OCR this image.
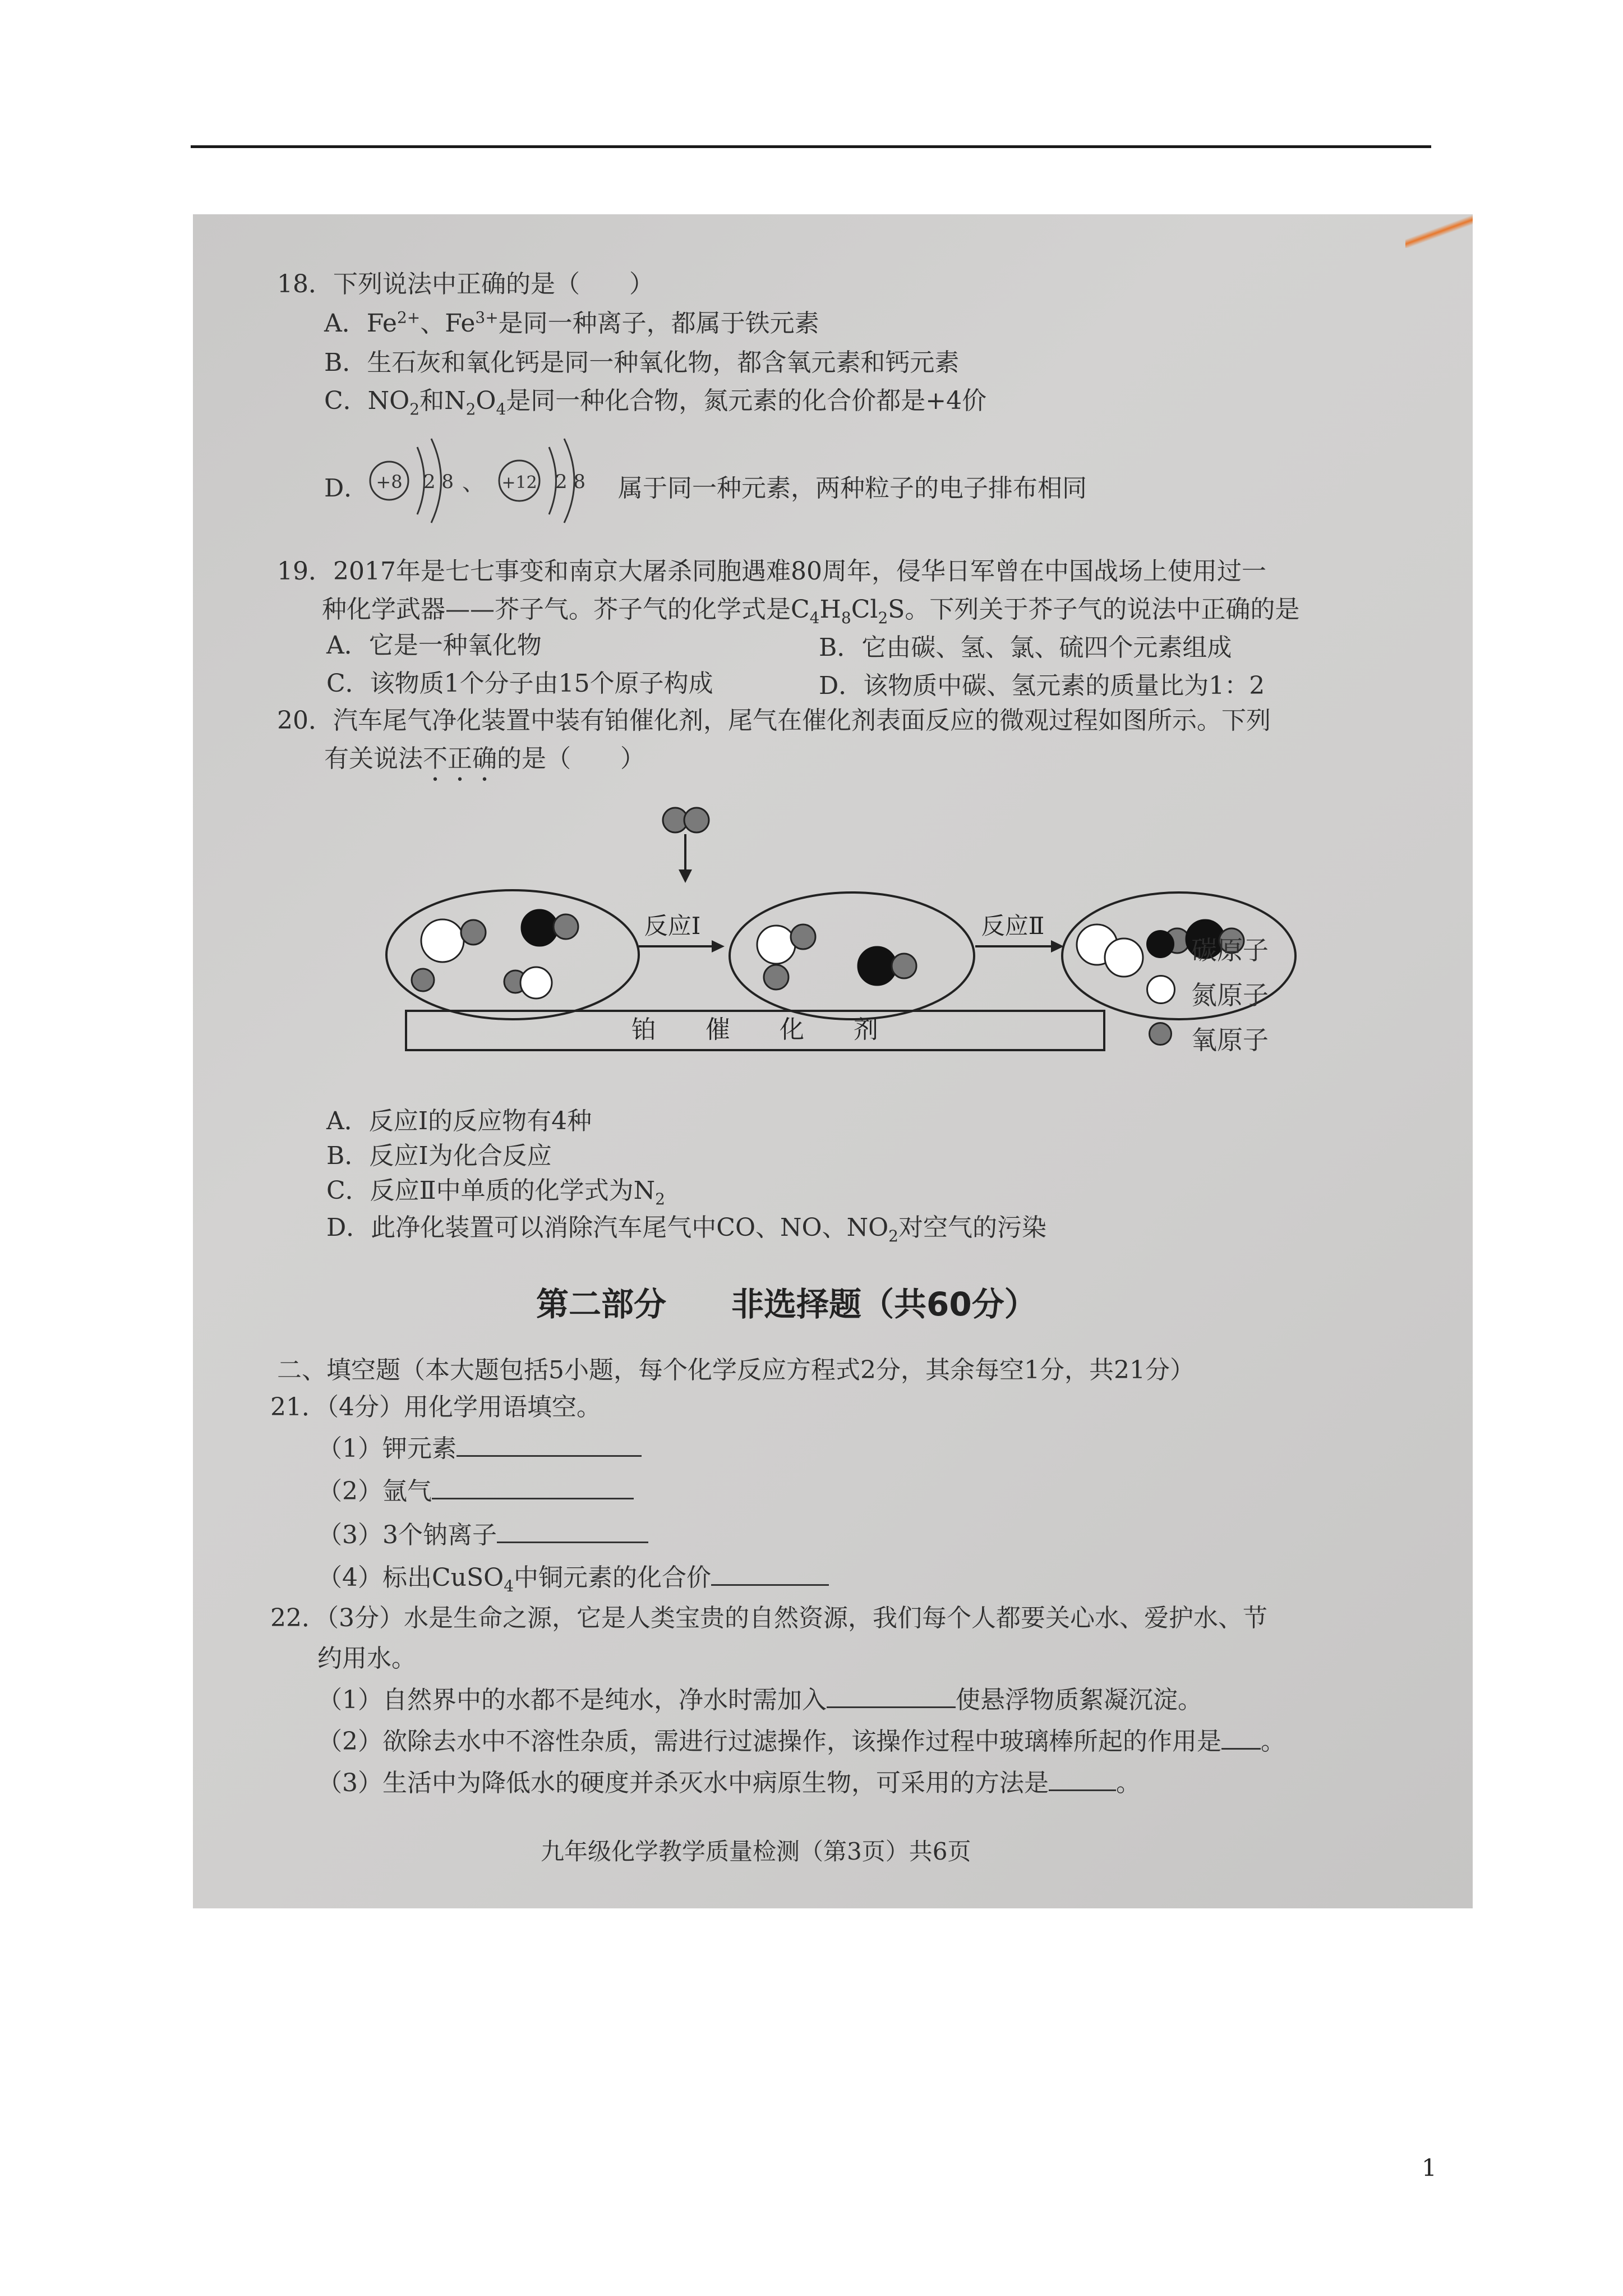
18．下列说法中正确的是（　　）
A．$Fe^{2+}$、$Fe^{3+}$是同一种离子，都属于铁元素
B．生石灰和氧化钙是同一种氧化物，都含氧元素和钙元素
C．$NO_2$和$N_2O_4$是同一种化合物，氮元素的化合价都是+4价
D． +8 2 8 、 +12 2 8 属于同一种元素，两种粒子的电子排布相同
19．2017年是七七事变和南京大屠杀同胞遇难80周年，侵华日军曾在中国战场上使用过一
种化学武器——芥子气。芥子气的化学式是$C_4H_8Cl_2S$。下列关于芥子气的说法中正确的是
A．它是一种氧化物	B．它由碳、氢、氯、硫四个元素组成
C．该物质1个分子由15个原子构成	D．该物质中碳、氢元素的质量比为1：2
20．汽车尾气净化装置中装有铂催化剂，尾气在催化剂表面反应的微观过程如图所示。下列
有关说法不正确的是（　　）
铂　　催　　化　　剂
反应Ⅰ	反应Ⅱ
碳原子
氮原子
氧原子
A．反应Ⅰ的反应物有4种
B．反应Ⅰ为化合反应
C．反应Ⅱ中单质的化学式为$N_2$
D．此净化装置可以消除汽车尾气中CO、NO、$NO_2$对空气的污染
第二部分　　非选择题（共60分）
二、填空题（本大题包括5小题，每个化学反应方程式2分，其余每空1分，共21分）
21．（4分）用化学用语填空。
（1）钾元素
（2）氩气
（3）3个钠离子
（4）标出CuSO$_4$中铜元素的化合价
22．（3分）水是生命之源，它是人类宝贵的自然资源，我们每个人都要关心水、爱护水、节
约用水。
（1）自然界中的水都不是纯水，净水时需加入	使悬浮物质絮凝沉淀。
（2）欲除去水中不溶性杂质，需进行过滤操作，该操作过程中玻璃棒所起的作用是 。
（3）生活中为降低水的硬度并杀灭水中病原生物，可采用的方法是	。
九年级化学教学质量检测（第3页）共6页
1
